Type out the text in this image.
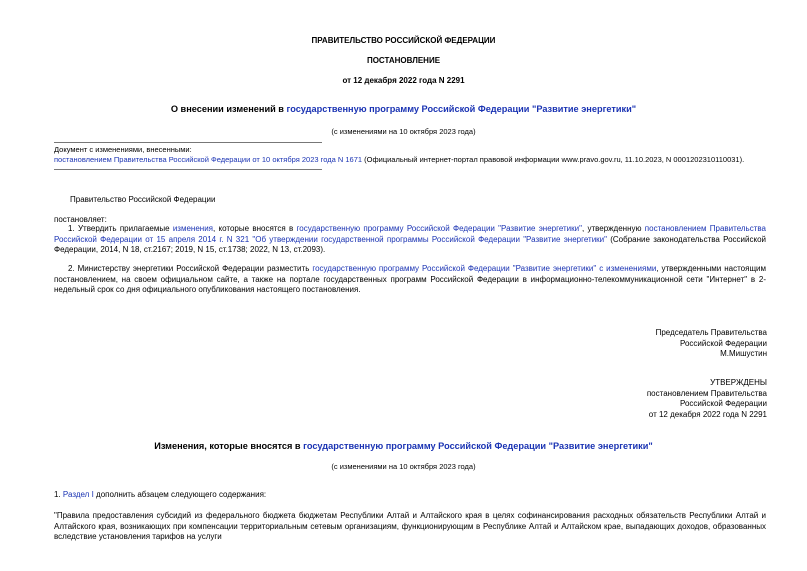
ПРАВИТЕЛЬСТВО РОССИЙСКОЙ ФЕДЕРАЦИИ
ПОСТАНОВЛЕНИЕ
от 12 декабря 2022 года N 2291
О внесении изменений в государственную программу Российской Федерации "Развитие энергетики"
(с изменениями на 10 октября 2023 года)
Документ с изменениями, внесенными:
постановлением Правительства Российской Федерации от 10 октября 2023 года N 1671 (Официальный интернет-портал правовой информации www.pravo.gov.ru, 11.10.2023, N 0001202310110031).
Правительство Российской Федерации
постановляет:
1. Утвердить прилагаемые изменения, которые вносятся в государственную программу Российской Федерации "Развитие энергетики", утвержденную постановлением Правительства Российской Федерации от 15 апреля 2014 г. N 321 "Об утверждении государственной программы Российской Федерации "Развитие энергетики" (Собрание законодательства Российской Федерации, 2014, N 18, ст.2167; 2019, N 15, ст.1738; 2022, N 13, ст.2093).
2. Министерству энергетики Российской Федерации разместить государственную программу Российской Федерации "Развитие энергетики" с изменениями, утвержденными настоящим постановлением, на своем официальном сайте, а также на портале государственных программ Российской Федерации в информационно-телекоммуникационной сети "Интернет" в 2-недельный срок со дня официального опубликования настоящего постановления.
Председатель Правительства
Российской Федерации
М.Мишустин
УТВЕРЖДЕНЫ
постановлением Правительства
Российской Федерации
от 12 декабря 2022 года N 2291
Изменения, которые вносятся в государственную программу Российской Федерации "Развитие энергетики"
(с изменениями на 10 октября 2023 года)
1. Раздел I дополнить абзацем следующего содержания:
"Правила предоставления субсидий из федерального бюджета бюджетам Республики Алтай и Алтайского края в целях софинансирования расходных обязательств Республики Алтай и Алтайского края, возникающих при компенсации территориальным сетевым организациям, функционирующим в Республике Алтай и Алтайском крае, выпадающих доходов, образованных вследствие установления тарифов на услуги
